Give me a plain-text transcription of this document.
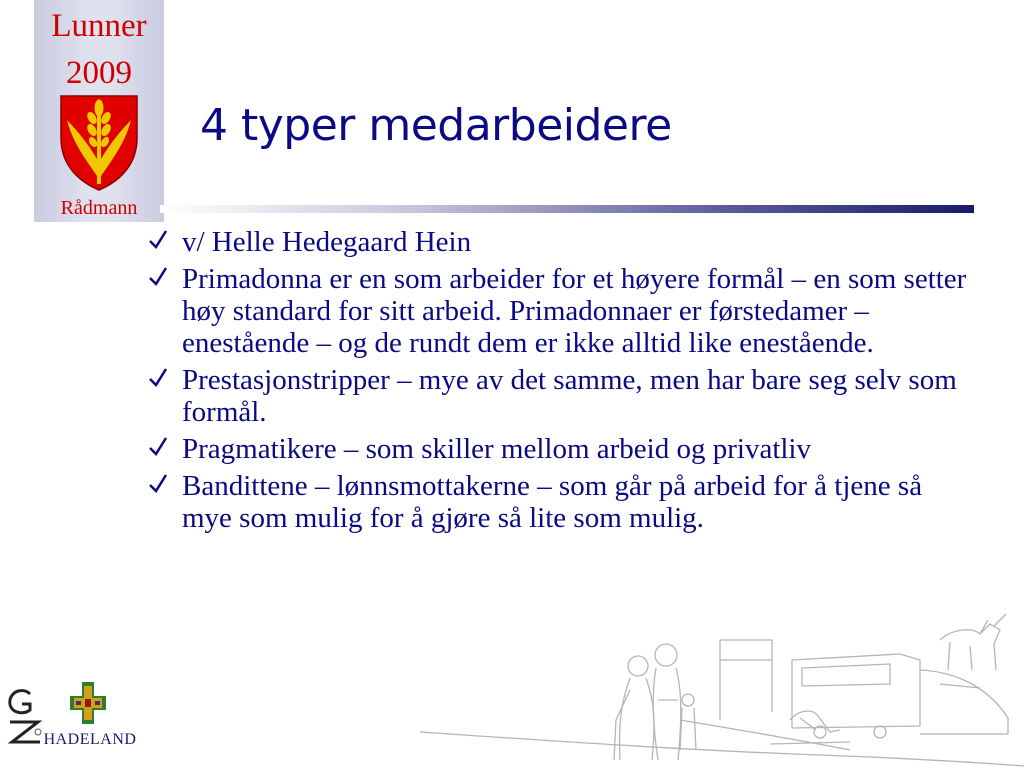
Lunner
2009
Rådmann
4 typer medarbeidere
v/ Helle Hedegaard Hein
Primadonna er en som arbeider for et høyere formål – en som setter høy standard for sitt arbeid. Primadonnaer er førstedamer – enestående – og de rundt dem er ikke alltid like enestående.
Prestasjonstripper – mye av det samme, men har bare seg selv som formål.
Pragmatikere – som skiller mellom arbeid og privatliv
Bandittene – lønnsmottakerne – som går på arbeid for å tjene så mye som mulig for å gjøre så lite som mulig.
HADELAND
